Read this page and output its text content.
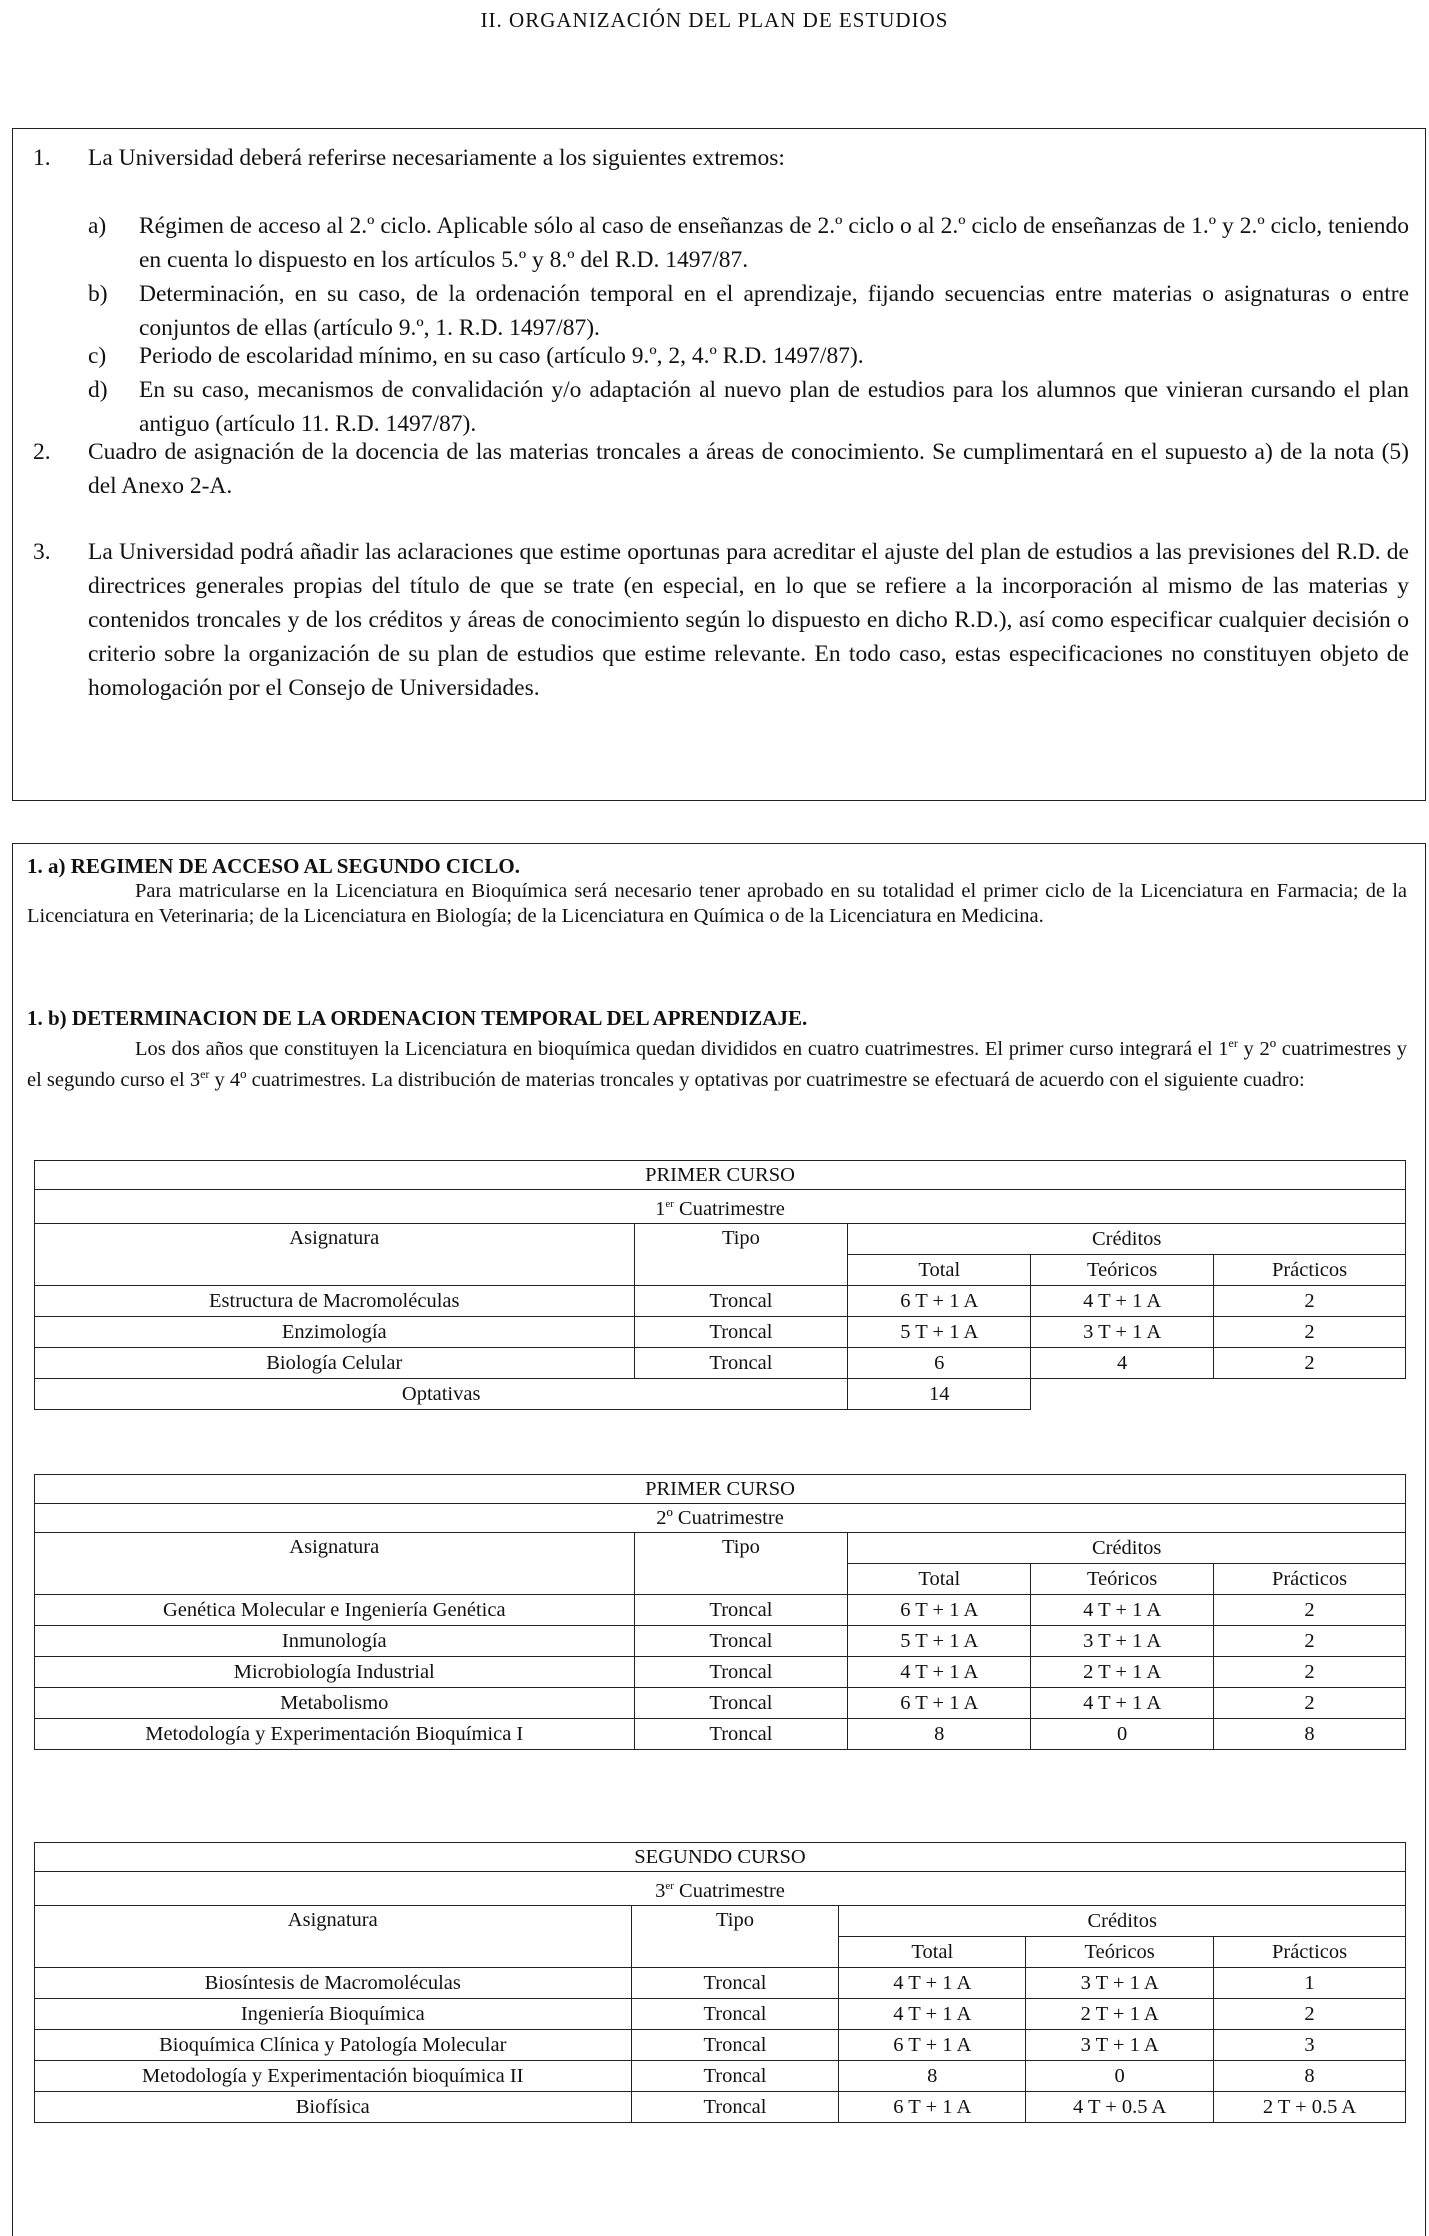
II. ORGANIZACIÓN DEL PLAN DE ESTUDIOS
1. La Universidad deberá referirse necesariamente a los siguientes extremos:
a) Régimen de acceso al 2.º ciclo. Aplicable sólo al caso de enseñanzas de 2.º ciclo o al 2.º ciclo de enseñanzas de 1.º y 2.º ciclo, teniendo en cuenta lo dispuesto en los artículos 5.º y 8.º del R.D. 1497/87.
b) Determinación, en su caso, de la ordenación temporal en el aprendizaje, fijando secuencias entre materias o asignaturas o entre conjuntos de ellas (artículo 9.º, 1. R.D. 1497/87).
c) Periodo de escolaridad mínimo, en su caso (artículo 9.º, 2, 4.º R.D. 1497/87).
d) En su caso, mecanismos de convalidación y/o adaptación al nuevo plan de estudios para los alumnos que vinieran cursando el plan antiguo (artículo 11. R.D. 1497/87).
2. Cuadro de asignación de la docencia de las materias troncales a áreas de conocimiento. Se cumplimentará en el supuesto a) de la nota (5) del Anexo 2-A.
3. La Universidad podrá añadir las aclaraciones que estime oportunas para acreditar el ajuste del plan de estudios a las previsiones del R.D. de directrices generales propias del título de que se trate (en especial, en lo que se refiere a la incorporación al mismo de las materias y contenidos troncales y de los créditos y áreas de conocimiento según lo dispuesto en dicho R.D.), así como especificar cualquier decisión o criterio sobre la organización de su plan de estudios que estime relevante. En todo caso, estas especificaciones no constituyen objeto de homologación por el Consejo de Universidades.
1. a) REGIMEN DE ACCESO AL SEGUNDO CICLO.
Para matricularse en la Licenciatura en Bioquímica será necesario tener aprobado en su totalidad el primer ciclo de la Licenciatura en Farmacia; de la Licenciatura en Veterinaria; de la Licenciatura en Biología; de la Licenciatura en Química o de la Licenciatura en Medicina.
1. b) DETERMINACION DE LA ORDENACION TEMPORAL DEL APRENDIZAJE.
Los dos años que constituyen la Licenciatura en bioquímica quedan divididos en cuatro cuatrimestres. El primer curso integrará el 1er y 2º cuatrimestres y el segundo curso el 3er y 4º cuatrimestres. La distribución de materias troncales y optativas por cuatrimestre se efectuará de acuerdo con el siguiente cuadro:
PRIMER CURSO				
1er Cuatrimestre				
Asignatura	Tipo	Créditos		
		Total	Teóricos	Prácticos
Estructura de Macromoléculas	Troncal	6 T + 1 A	4 T + 1 A	2
Enzimología	Troncal	5 T + 1 A	3 T + 1 A	2
Biología Celular	Troncal	6	4	2
Optativas		14		
PRIMER CURSO				
2º Cuatrimestre				
Asignatura	Tipo	Créditos		
		Total	Teóricos	Prácticos
Genética Molecular e Ingeniería Genética	Troncal	6 T + 1 A	4 T + 1 A	2
Inmunología	Troncal	5 T + 1 A	3 T + 1 A	2
Microbiología Industrial	Troncal	4 T + 1 A	2 T + 1 A	2
Metabolismo	Troncal	6 T + 1 A	4 T + 1 A	2
Metodología y Experimentación Bioquímica I	Troncal	8	0	8
SEGUNDO CURSO				
3er Cuatrimestre				
Asignatura	Tipo	Créditos		
		Total	Teóricos	Prácticos
Biosíntesis de Macromoléculas	Troncal	4 T + 1 A	3 T + 1 A	1
Ingeniería Bioquímica	Troncal	4 T + 1 A	2 T + 1 A	2
Bioquímica Clínica y Patología Molecular	Troncal	6 T + 1 A	3 T + 1 A	3
Metodología y Experimentación bioquímica II	Troncal	8	0	8
Biofísica	Troncal	6 T + 1 A	4 T + 0.5 A	2 T + 0.5 A
